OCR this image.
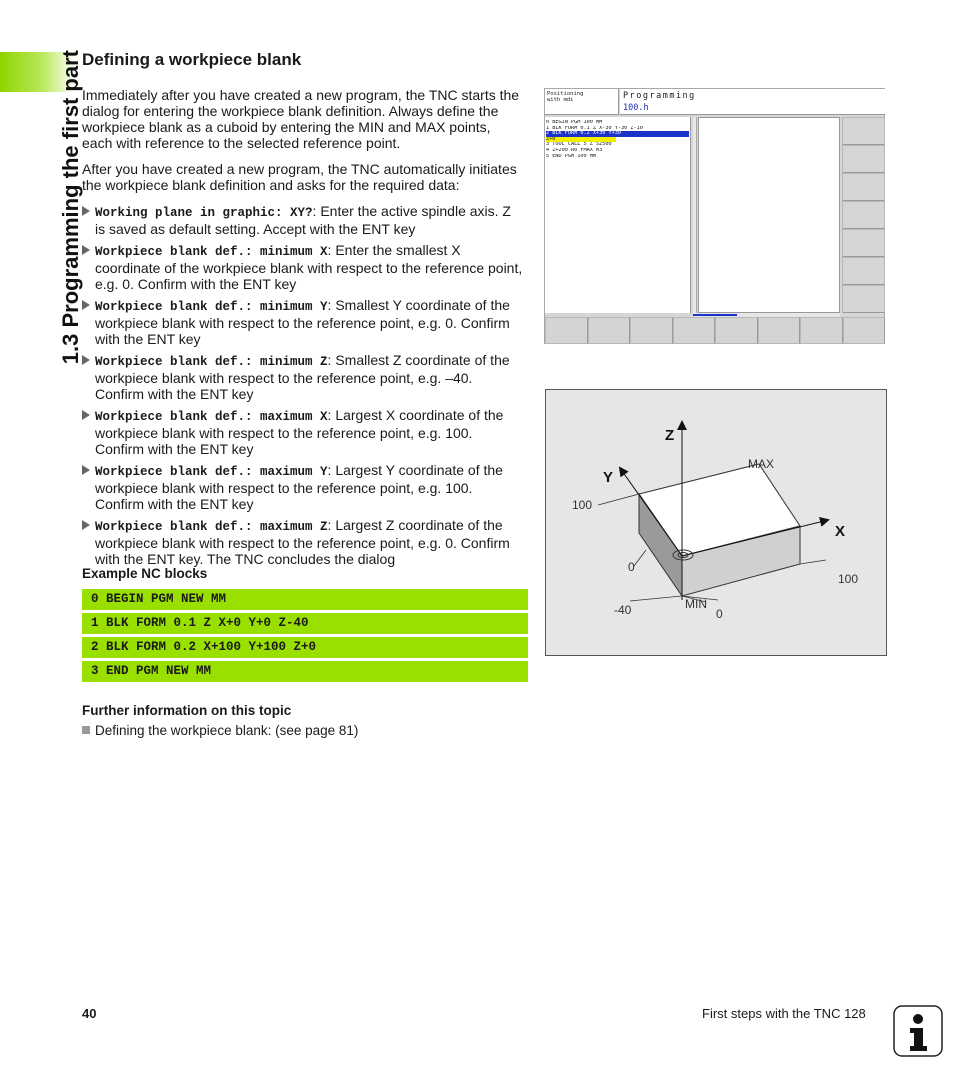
1.3 Programming the first part Defining a workpiece blank

Immediately after you have created a new program, the TNC starts the dialog for entering the workpiece blank definition. Always define the workpiece blank as a cuboid by entering the MIN and MAX points, each with reference to the selected reference point.

After you have created a new program, the TNC automatically initiates the workpiece blank definition and asks for the required data:

Working plane in graphic: XY?: Enter the active spindle axis. Z is saved as default setting. Accept with the ENT key
Workpiece blank def.: minimum X: Enter the smallest X coordinate of the workpiece blank with respect to the reference point, e.g. 0. Confirm with the ENT key
Workpiece blank def.: minimum Y: Smallest Y coordinate of the workpiece blank with respect to the reference point, e.g. 0. Confirm with the ENT key
Workpiece blank def.: minimum Z: Smallest Z coordinate of the workpiece blank with respect to the reference point, e.g. –40. Confirm with the ENT key
Workpiece blank def.: maximum X: Largest X coordinate of the workpiece blank with respect to the reference point, e.g. 100. Confirm with the ENT key
Workpiece blank def.: maximum Y: Largest Y coordinate of the workpiece blank with respect to the reference point, e.g. 100. Confirm with the ENT key
Workpiece blank def.: maximum Z: Largest Z coordinate of the workpiece blank with respect to the reference point, e.g. 0. Confirm with the ENT key. The TNC concludes the dialog
Example NC blocks
0 BEGIN PGM NEW MM
1 BLK FORM 0.1 Z X+0 Y+0 Z-40
2 BLK FORM 0.2 X+100 Y+100 Z+0
3 END PGM NEW MM
Further information on this topic
Defining the workpiece blank: (see page 81)
Positioning
with mdi	Programming
100.h
0 BEGIN PGM 100 MM
1 BLK FORM 0.1 Z X-30 Y-30 Z-10
2 BLK FORM 0.2 X+30 Y+30
Z+0
3 TOOL CALL 5 Z S2500
4 Z+200 R0 FMAX M3
5 END PGM 100 MM
Z
Y
X
MAX
MIN
100
0
-40
100
0
40	First steps with the TNC 128
